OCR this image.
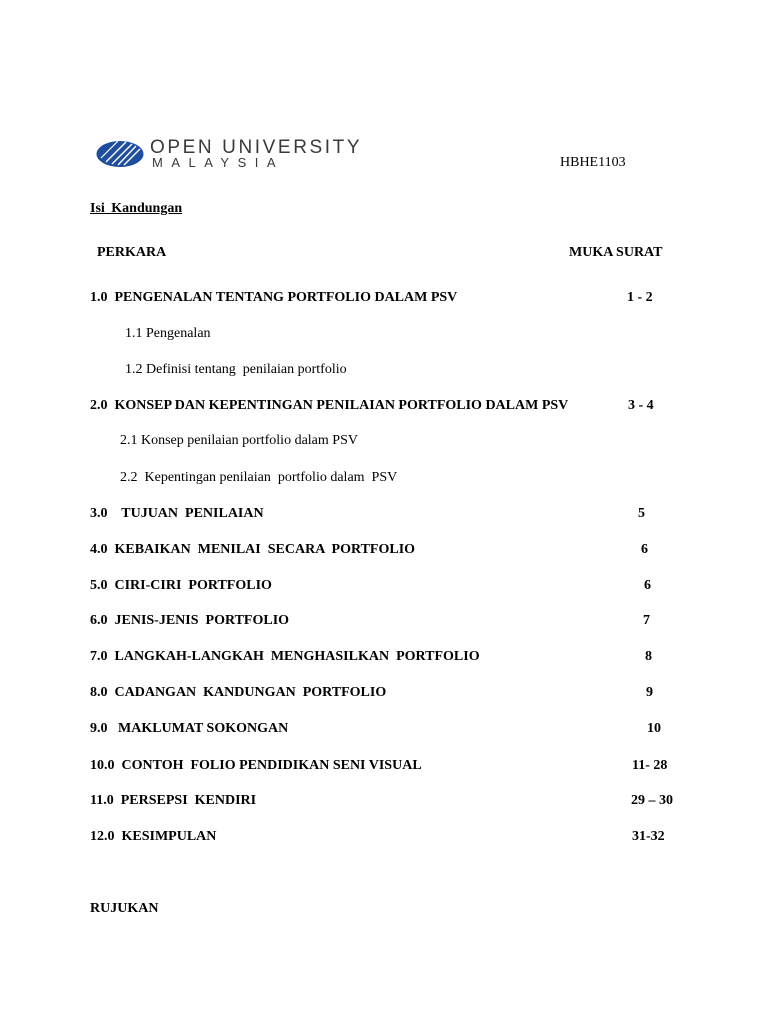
OPEN UNIVERSITY
MALAYSIA	HBHE1103
Isi Kandungan
PERKARA	MUKA SURAT
1.0  PENGENALAN TENTANG PORTFOLIO DALAM PSV	1 - 2
1.1 Pengenalan
1.2 Definisi tentang  penilaian portfolio
2.0  KONSEP DAN KEPENTINGAN PENILAIAN PORTFOLIO DALAM PSV	3 - 4
2.1 Konsep penilaian portfolio dalam PSV
2.2  Kepentingan penilaian  portfolio dalam  PSV
3.0    TUJUAN  PENILAIAN	5
4.0  KEBAIKAN  MENILAI  SECARA  PORTFOLIO	6
5.0  CIRI-CIRI  PORTFOLIO	6
6.0  JENIS-JENIS  PORTFOLIO	7
7.0  LANGKAH-LANGKAH  MENGHASILKAN  PORTFOLIO	8
8.0  CADANGAN  KANDUNGAN  PORTFOLIO	9
9.0   MAKLUMAT SOKONGAN	10
10.0  CONTOH  FOLIO PENDIDIKAN SENI VISUAL	11- 28
11.0  PERSEPSI  KENDIRI	29 – 30
12.0  KESIMPULAN	31-32
RUJUKAN
